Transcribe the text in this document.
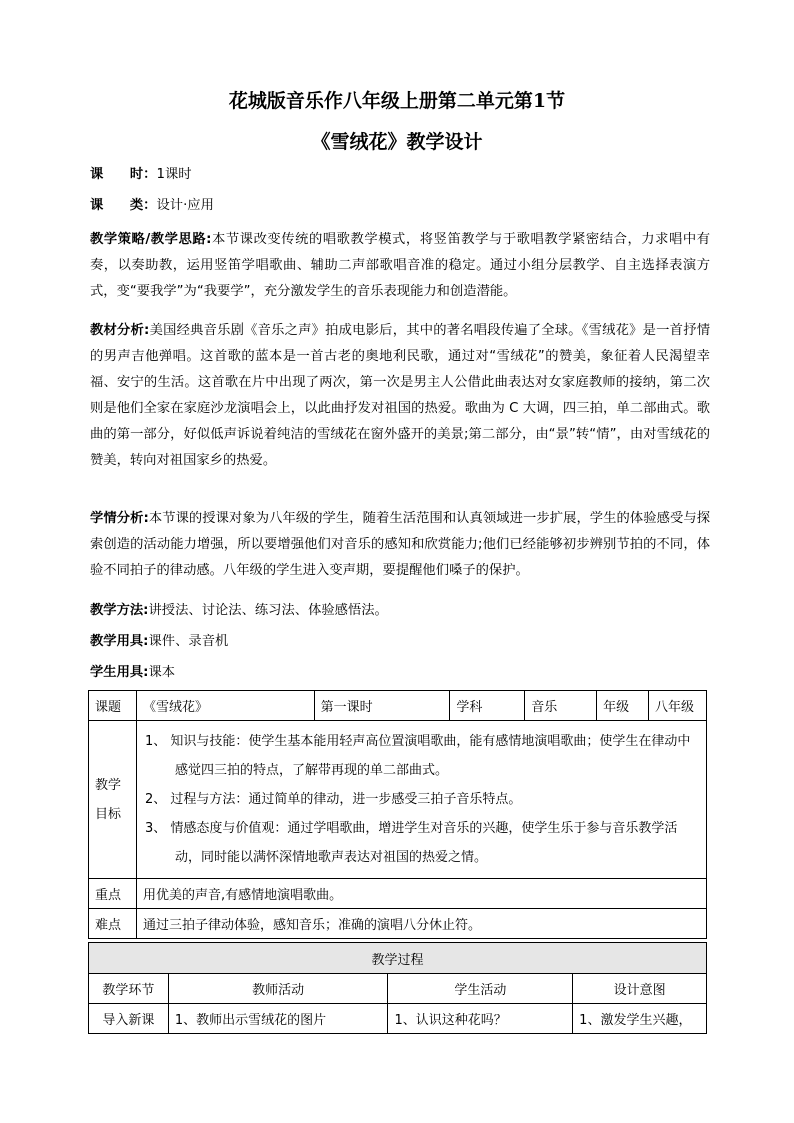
花城版音乐作八年级上册第二单元第1节
《雪绒花》教学设计
课　　时：1课时
课　　类：设计·应用
教学策略/教学思路:本节课改变传统的唱歌教学模式，将竖笛教学与于歌唱教学紧密结合，力求唱中有奏，以奏助教，运用竖笛学唱歌曲、辅助二声部歌唱音准的稳定。通过小组分层教学、自主选择表演方式，变“要我学”为“我要学”，充分激发学生的音乐表现能力和创造潜能。
教材分析:美国经典音乐剧《音乐之声》拍成电影后，其中的著名唱段传遍了全球。《雪绒花》是一首抒情的男声吉他弹唱。这首歌的蓝本是一首古老的奥地利民歌，通过对“雪绒花”的赞美，象征着人民渴望幸福、安宁的生活。这首歌在片中出现了两次，第一次是男主人公借此曲表达对女家庭教师的接纳，第二次则是他们全家在家庭沙龙演唱会上，以此曲抒发对祖国的热爱。歌曲为 C 大调，四三拍，单二部曲式。歌曲的第一部分，好似低声诉说着纯洁的雪绒花在窗外盛开的美景;第二部分，由“景”转“情”，由对雪绒花的赞美，转向对祖国家乡的热爱。
学情分析:本节课的授课对象为八年级的学生，随着生活范围和认真领域进一步扩展，学生的体验感受与探索创造的活动能力增强，所以要增强他们对音乐的感知和欣赏能力;他们已经能够初步辨别节拍的不同，体验不同拍子的律动感。八年级的学生进入变声期，要提醒他们嗓子的保护。
教学方法:讲授法、讨论法、练习法、体验感悟法。
教学用具:课件、录音机
学生用具:课本
课题	《雪绒花》	第一课时	学科	音乐	年级	八年级
教学目标	1、 知识与技能：使学生基本能用轻声高位置演唱歌曲，能有感情地演唱歌曲；使学生在律动中感觉四三拍的特点，了解带再现的单二部曲式。
2、 过程与方法：通过简单的律动，进一步感受三拍子音乐特点。
3、 情感态度与价值观：通过学唱歌曲，增进学生对音乐的兴趣，使学生乐于参与音乐教学活动，同时能以满怀深情地歌声表达对祖国的热爱之情。					

重点	用优美的声音,有感情地演唱歌曲。					
难点	通过三拍子律动体验，感知音乐；准确的演唱八分休止符。					
教学过程			
教学环节	教师活动	学生活动	设计意图
导入新课	1、教师出示雪绒花的图片	1、认识这种花吗？	1、激发学生兴趣，
